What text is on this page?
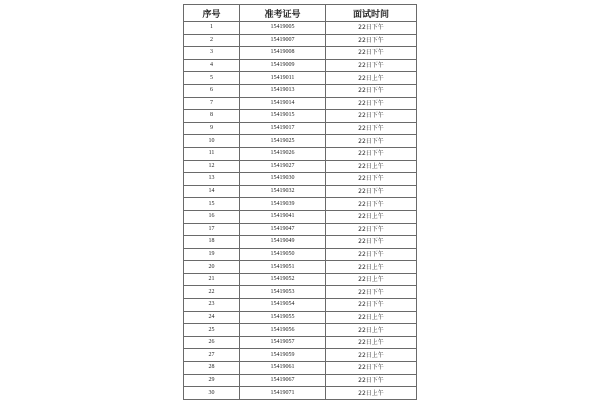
序号	准考证号	面试时间
1	15419005	22日下午
2	15419007	22日下午
3	15419008	22日下午
4	15419009	22日下午
5	15419011	22日上午
6	15419013	22日下午
7	15419014	22日下午
8	15419015	22日下午
9	15419017	22日下午
10	15419025	22日下午
11	15419026	22日下午
12	15419027	22日上午
13	15419030	22日下午
14	15419032	22日下午
15	15419039	22日下午
16	15419041	22日上午
17	15419047	22日下午
18	15419049	22日下午
19	15419050	22日下午
20	15419051	22日上午
21	15419052	22日上午
22	15419053	22日下午
23	15419054	22日下午
24	15419055	22日上午
25	15419056	22日上午
26	15419057	22日上午
27	15419059	22日上午
28	15419061	22日下午
29	15419067	22日下午
30	15419071	22日上午
